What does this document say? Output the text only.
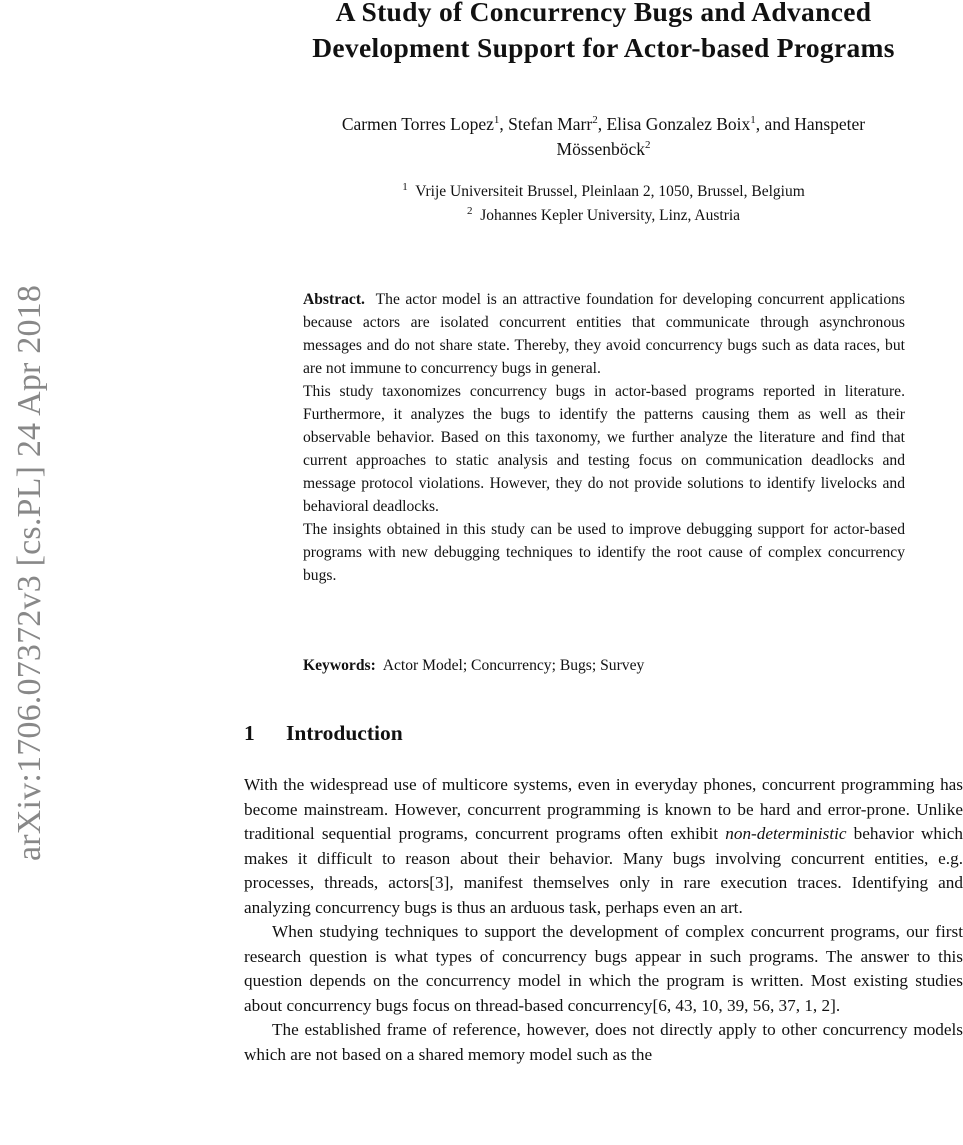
arXiv:1706.07372v3 [cs.PL] 24 Apr 2018
A Study of Concurrency Bugs and Advanced
Development Support for Actor-based Programs
Carmen Torres Lopez$^1$, Stefan Marr$^2$, Elisa Gonzalez Boix$^1$, and Hanspeter
Mössenböck$^2$
$^1$ Vrije Universiteit Brussel, Pleinlaan 2, 1050, Brussel, Belgium
$^2$ Johannes Kepler University, Linz, Austria

Abstract. The actor model is an attractive foundation for developing concurrent applications because actors are isolated concurrent entities that communicate through asynchronous messages and do not share state. Thereby, they avoid concurrency bugs such as data races, but are not immune to concurrency bugs in general.

This study taxonomizes concurrency bugs in actor-based programs reported in literature. Furthermore, it analyzes the bugs to identify the patterns causing them as well as their observable behavior. Based on this taxonomy, we further analyze the literature and find that current approaches to static analysis and testing focus on communication deadlocks and message protocol violations. However, they do not provide solutions to identify livelocks and behavioral deadlocks.

The insights obtained in this study can be used to improve debugging support for actor-based programs with new debugging techniques to identify the root cause of complex concurrency bugs.

Keywords: Actor Model; Concurrency; Bugs; Survey
1 Introduction

With the widespread use of multicore systems, even in everyday phones, concurrent programming has become mainstream. However, concurrent programming is known to be hard and error-prone. Unlike traditional sequential programs, concurrent programs often exhibit non-deterministic behavior which makes it difficult to reason about their behavior. Many bugs involving concurrent entities, e.g. processes, threads, actors[3], manifest themselves only in rare execution traces. Identifying and analyzing concurrency bugs is thus an arduous task, perhaps even an art.

When studying techniques to support the development of complex concurrent programs, our first research question is what types of concurrency bugs appear in such programs. The answer to this question depends on the concurrency model in which the program is written. Most existing studies about concurrency bugs focus on thread-based concurrency[6, 43, 10, 39, 56, 37, 1, 2].

The established frame of reference, however, does not directly apply to other concurrency models which are not based on a shared memory model such as the
